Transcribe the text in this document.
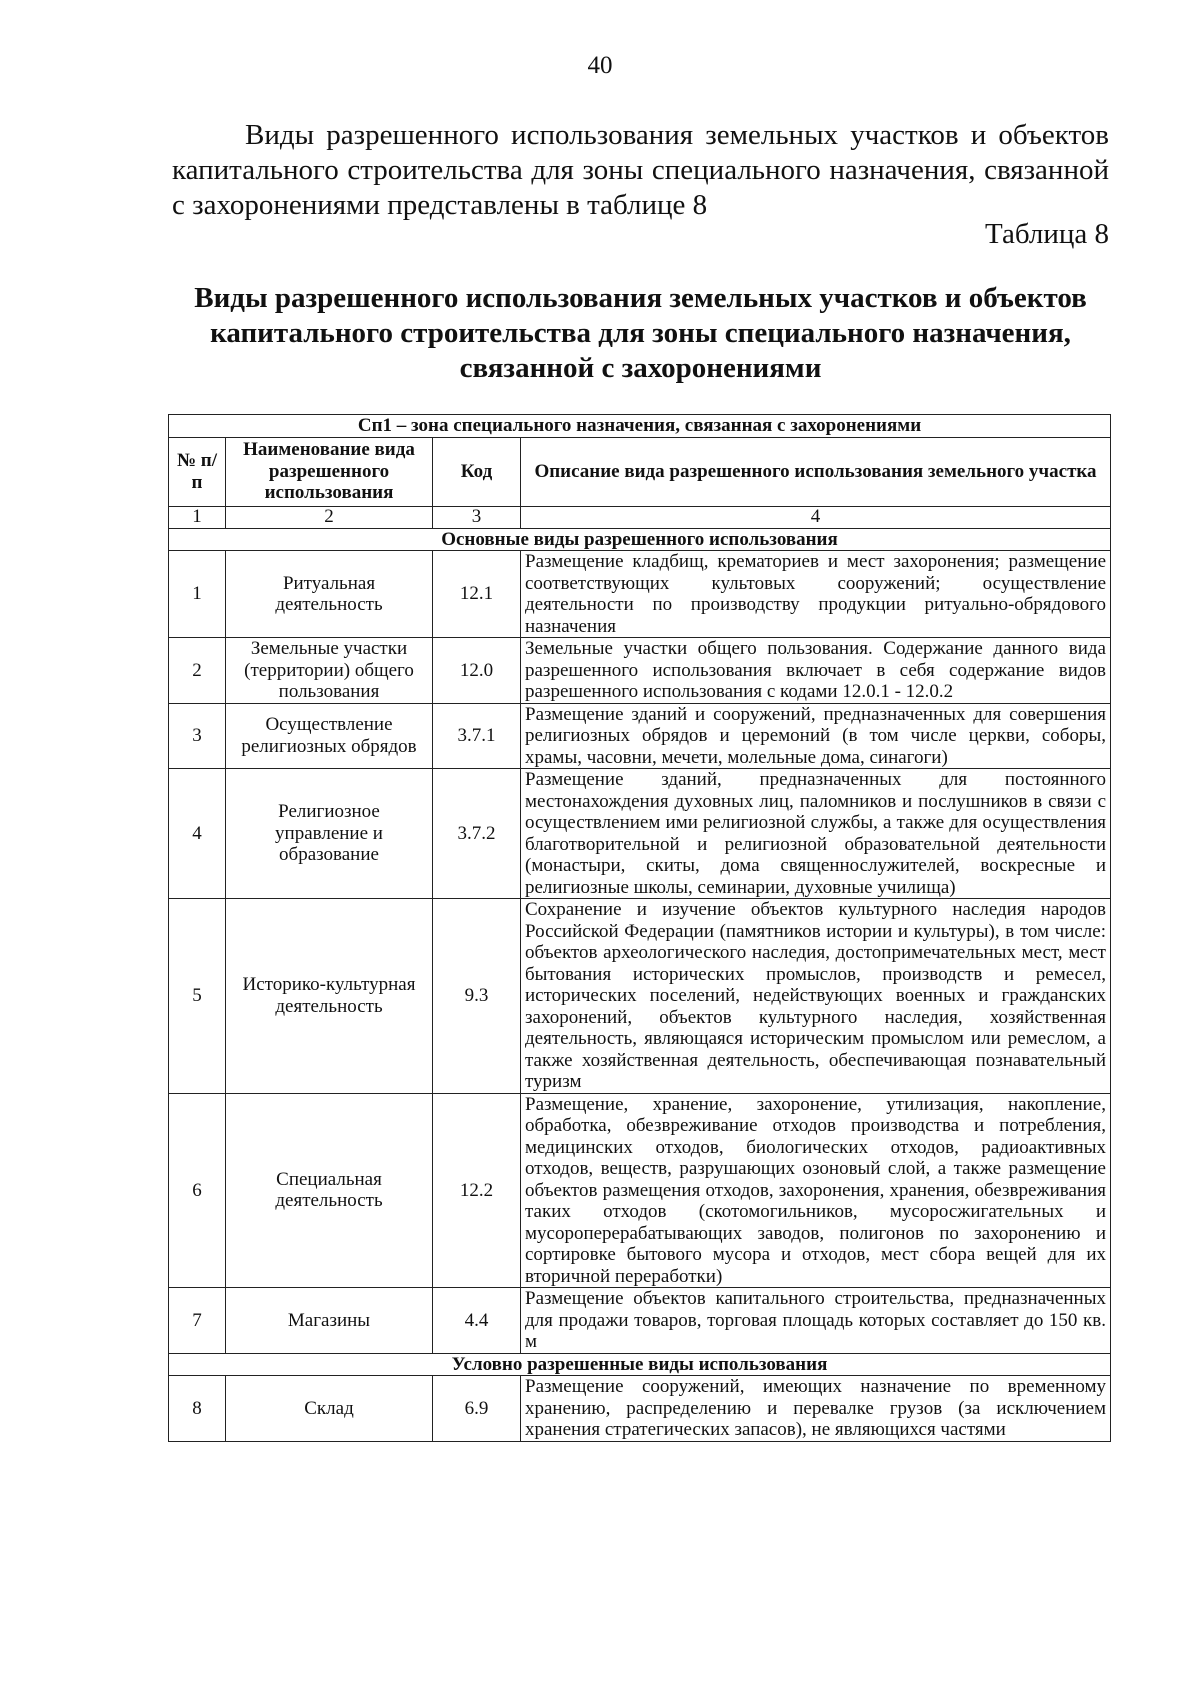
40
Виды разрешенного использования земельных участков и объектов капитального строительства для зоны специального назначения, связанной с захоронениями представлены в таблице 8
Таблица 8
Виды разрешенного использования земельных участков и объектов капитального строительства для зоны специального назначения, связанной с захоронениями
Сп1 – зона специального назначения, связанная с захоронениями			
№ п/п	Наименование вида разрешенного использования	Код	Описание вида разрешенного использования земельного участка
1	2	3	4
Основные виды разрешенного использования			
1	Ритуальная деятельность	12.1	Размещение кладбищ, крематориев и мест захоронения; размещение соответствующих культовых сооружений; осуществление деятельности по производству продукции ритуально-обрядового назначения
2	Земельные участки (территории) общего пользования	12.0	Земельные участки общего пользования. Содержание данного вида разрешенного использования включает в себя содержание видов разрешенного использования с кодами 12.0.1 - 12.0.2
3	Осуществление религиозных обрядов	3.7.1	Размещение зданий и сооружений, предназначенных для совершения религиозных обрядов и церемоний (в том числе церкви, соборы, храмы, часовни, мечети, молельные дома, синагоги)
4	Религиозное управление и образование	3.7.2	Размещение зданий, предназначенных для постоянного местонахождения духовных лиц, паломников и послушников в связи с осуществлением ими религиозной службы, а также для осуществления благотворительной и религиозной образовательной деятельности (монастыри, скиты, дома священнослужителей, воскресные и религиозные школы, семинарии, духовные училища)
5	Историко-культурная деятельность	9.3	Сохранение и изучение объектов культурного наследия народов Российской Федерации (памятников истории и культуры), в том числе: объектов археологического наследия, достопримечательных мест, мест бытования исторических промыслов, производств и ремесел, исторических поселений, недействующих военных и гражданских захоронений, объектов культурного наследия, хозяйственная деятельность, являющаяся историческим промыслом или ремеслом, а также хозяйственная деятельность, обеспечивающая познавательный туризм
6	Специальная деятельность	12.2	Размещение, хранение, захоронение, утилизация, накопление, обработка, обезвреживание отходов производства и потребления, медицинских отходов, биологических отходов, радиоактивных отходов, веществ, разрушающих озоновый слой, а также размещение объектов размещения отходов, захоронения, хранения, обезвреживания таких отходов (скотомогильников, мусоросжигательных и мусороперерабатывающих заводов, полигонов по захоронению и сортировке бытового мусора и отходов, мест сбора вещей для их вторичной переработки)
7	Магазины	4.4	Размещение объектов капитального строительства, предназначенных для продажи товаров, торговая площадь которых составляет до 150 кв. м
Условно разрешенные виды использования			
8	Склад	6.9	Размещение сооружений, имеющих назначение по временному хранению, распределению и перевалке грузов (за исключением хранения стратегических запасов), не являющихся частями
